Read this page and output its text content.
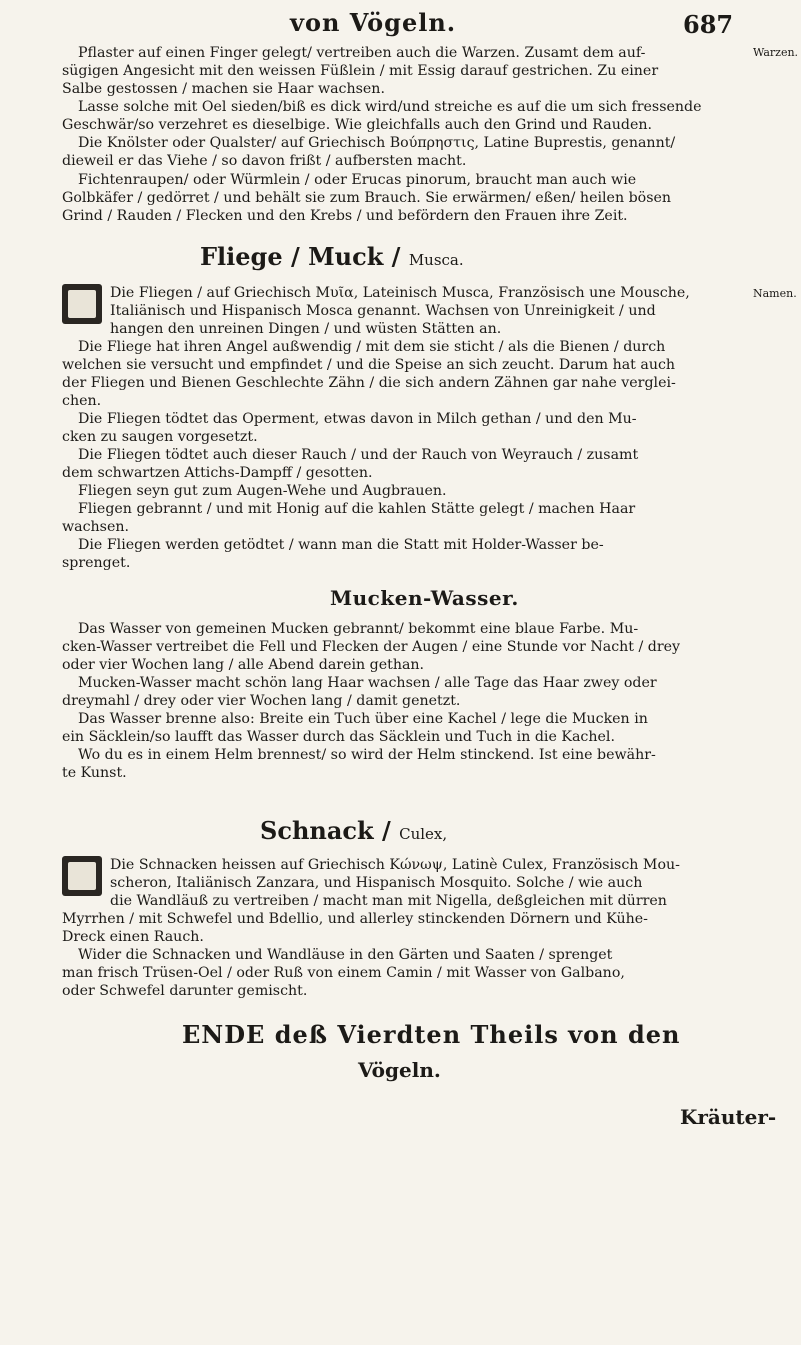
von Vögeln.	687
Warzen.
Pflaster auf einen Finger gelegt/ vertreiben auch die Warzen. Zusamt dem auf-
sügigen Angesicht mit den weissen Füßlein / mit Essig darauf gestrichen. Zu einer
Salbe gestossen / machen sie Haar wachsen.
Lasse solche mit Oel sieden/biß es dick wird/und streiche es auf die um sich fressende
Geschwär/so verzehret es dieselbige. Wie gleichfalls auch den Grind und Rauden.
Die Knölster oder Qualster/ auf Griechisch Βούπρηστις, Latine Buprestis, genannt/
dieweil er das Viehe / so davon frißt / aufbersten macht.
Fichtenraupen/ oder Würmlein / oder Erucas pinorum, braucht man auch wie
Golbkäfer / gedörret / und behält sie zum Brauch. Sie erwärmen/ eßen/ heilen bösen
Grind / Rauden / Flecken und den Krebs / und befördern den Frauen ihre Zeit.
Fliege / Muck / Musca.
Namen.
Die Fliegen / auf Griechisch Μυῖα, Lateinisch Musca, Französisch une Mousche,
Italiänisch und Hispanisch Mosca genannt. Wachsen von Unreinigkeit / und
hangen den unreinen Dingen / und wüsten Stätten an.
Die Fliege hat ihren Angel außwendig / mit dem sie sticht / als die Bienen / durch
welchen sie versucht und empfindet / und die Speise an sich zeucht. Darum hat auch
der Fliegen und Bienen Geschlechte Zähn / die sich andern Zähnen gar nahe verglei-
chen.
Die Fliegen tödtet das Operment, etwas davon in Milch gethan / und den Mu-
cken zu saugen vorgesetzt.
Die Fliegen tödtet auch dieser Rauch / und der Rauch von Weyrauch / zusamt
dem schwartzen Attichs-Dampff / gesotten.
Fliegen seyn gut zum Augen-Wehe und Augbrauen.
Fliegen gebrannt / und mit Honig auf die kahlen Stätte gelegt / machen Haar
wachsen.
Die Fliegen werden getödtet / wann man die Statt mit Holder-Wasser be-
sprenget.
Mucken-Wasser.
Das Wasser von gemeinen Mucken gebrannt/ bekommt eine blaue Farbe. Mu-
cken-Wasser vertreibet die Fell und Flecken der Augen / eine Stunde vor Nacht / drey
oder vier Wochen lang / alle Abend darein gethan.
Mucken-Wasser macht schön lang Haar wachsen / alle Tage das Haar zwey oder
dreymahl / drey oder vier Wochen lang / damit genetzt.
Das Wasser brenne also: Breite ein Tuch über eine Kachel / lege die Mucken in
ein Säcklein/so laufft das Wasser durch das Säcklein und Tuch in die Kachel.
Wo du es in einem Helm brennest/ so wird der Helm stinckend. Ist eine bewähr-
te Kunst.
Schnack / Culex,
Die Schnacken heissen auf Griechisch Κώνωψ, Latinè Culex, Französisch Mou-
scheron, Italiänisch Zanzara, und Hispanisch Mosquito. Solche / wie auch
die Wandläuß zu vertreiben / macht man mit Nigella, deßgleichen mit dürren
Myrrhen / mit Schwefel und Bdellio, und allerley stinckenden Dörnern und Kühe-
Dreck einen Rauch.
Wider die Schnacken und Wandläuse in den Gärten und Saaten / sprenget
man frisch Trüsen-Oel / oder Ruß von einem Camin / mit Wasser von Galbano,
oder Schwefel darunter gemischt.
ENDE deß Vierdten Theils von den
Vögeln.
Kräuter-
